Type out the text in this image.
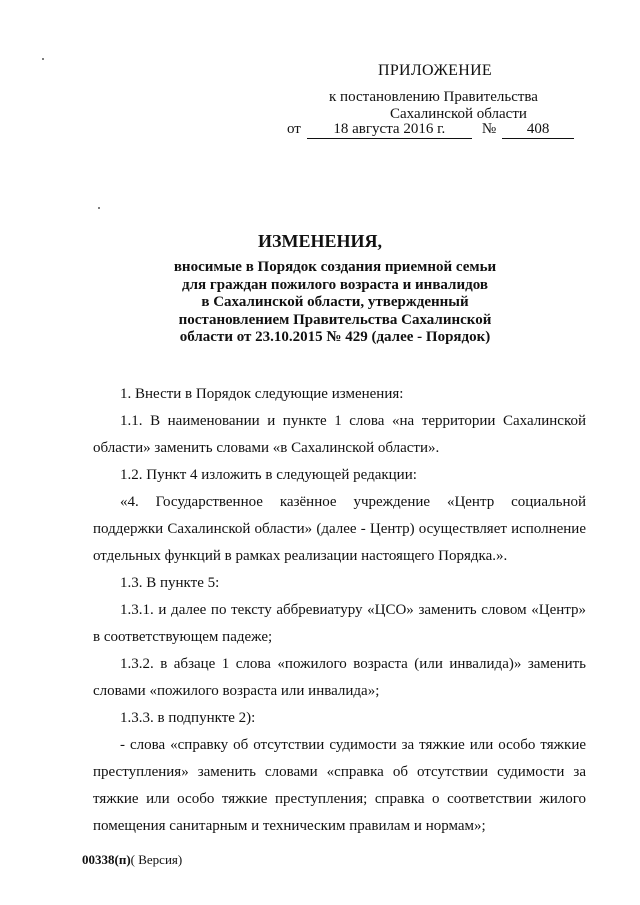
ПРИЛОЖЕНИЕ
к постановлению Правительства
Сахалинской области
от 18 августа 2016 г. № 408
ИЗМЕНЕНИЯ,
вносимые в Порядок создания приемной семьи
для граждан пожилого возраста и инвалидов
в Сахалинской области, утвержденный
постановлением Правительства Сахалинской
области от 23.10.2015 № 429 (далее - Порядок)

1. Внести в Порядок следующие изменения:

1.1. В наименовании и пункте 1 слова «на территории Сахалинской области» заменить словами «в Сахалинской области».

1.2. Пункт 4 изложить в следующей редакции:

«4. Государственное казённое учреждение «Центр социальной поддержки Сахалинской области» (далее - Центр) осуществляет исполнение отдельных функций в рамках реализации настоящего Порядка.».

1.3. В пункте 5:

1.3.1. и далее по тексту аббревиатуру «ЦСО» заменить словом «Центр» в соответствующем падеже;

1.3.2. в абзаце 1 слова «пожилого возраста (или инвалида)» заменить словами «пожилого возраста или инвалида»;

1.3.3. в подпункте 2):

- слова «справку об отсутствии судимости за тяжкие или особо тяжкие преступления» заменить словами «справка об отсутствии судимости за тяжкие или особо тяжкие преступления; справка о соответствии жилого помещения санитарным и техническим правилам и нормам»;

00338(п)( Версия)
